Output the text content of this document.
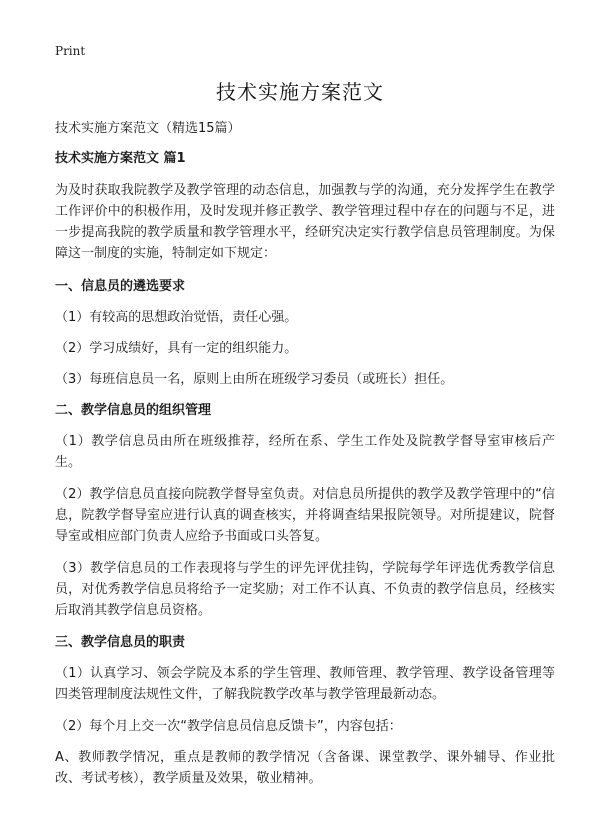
Print
技术实施方案范文

技术实施方案范文（精选15篇）

技术实施方案范文 篇1

为及时获取我院教学及教学管理的动态信息，加强教与学的沟通，充分发挥学生在教学工作评价中的积极作用，及时发现并修正教学、教学管理过程中存在的问题与不足，进一步提高我院的教学质量和教学管理水平，经研究决定实行教学信息员管理制度。为保障这一制度的实施，特制定如下规定：

一、信息员的遴选要求

（1）有较高的思想政治觉悟，责任心强。

（2）学习成绩好，具有一定的组织能力。

（3）每班信息员一名，原则上由所在班级学习委员（或班长）担任。

二、教学信息员的组织管理

（1）教学信息员由所在班级推荐，经所在系、学生工作处及院教学督导室审核后产生。

（2）教学信息员直接向院教学督导室负责。对信息员所提供的教学及教学管理中的“信息，院教学督导室应进行认真的调查核实，并将调查结果报院领导。对所提建议，院督导室或相应部门负责人应给予书面或口头答复。

（3）教学信息员的工作表现将与学生的评先评优挂钩，学院每学年评选优秀教学信息员，对优秀教学信息员将给予一定奖励；对工作不认真、不负责的教学信息员，经核实后取消其教学信息员资格。

三、教学信息员的职责

（1）认真学习、领会学院及本系的学生管理、教师管理、教学管理、教学设备管理等四类管理制度法规性文件，了解我院教学改革与教学管理最新动态。

（2）每个月上交一次“教学信息员信息反馈卡”，内容包括：

A、教师教学情况，重点是教师的教学情况（含备课、课堂教学、课外辅导、作业批改、考试考核），教学质量及效果，敬业精神。
